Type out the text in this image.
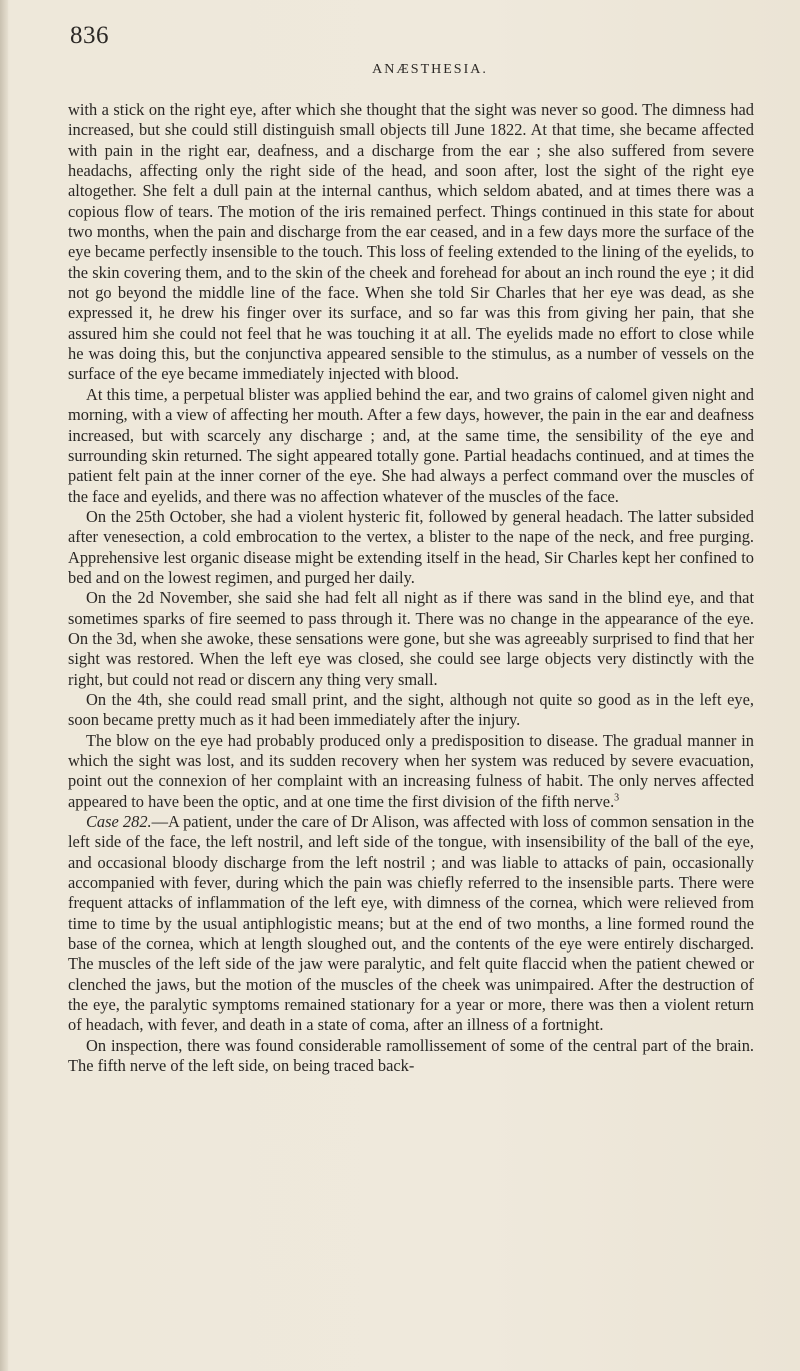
836
ANÆSTHESIA.

with a stick on the right eye, after which she thought that the sight was never so good. The dimness had increased, but she could still distinguish small objects till June 1822. At that time, she became affected with pain in the right ear, deafness, and a discharge from the ear ; she also suffered from severe headachs, affecting only the right side of the head, and soon after, lost the sight of the right eye altogether. She felt a dull pain at the internal canthus, which seldom abated, and at times there was a copious flow of tears. The motion of the iris remained perfect. Things continued in this state for about two months, when the pain and discharge from the ear ceased, and in a few days more the surface of the eye became perfectly insensible to the touch. This loss of feeling extended to the lining of the eyelids, to the skin covering them, and to the skin of the cheek and forehead for about an inch round the eye ; it did not go beyond the middle line of the face. When she told Sir Charles that her eye was dead, as she expressed it, he drew his finger over its surface, and so far was this from giving her pain, that she assured him she could not feel that he was touching it at all. The eyelids made no effort to close while he was doing this, but the conjunctiva appeared sensible to the stimulus, as a number of vessels on the surface of the eye became immediately injected with blood.

At this time, a perpetual blister was applied behind the ear, and two grains of calomel given night and morning, with a view of affecting her mouth. After a few days, however, the pain in the ear and deafness increased, but with scarcely any discharge ; and, at the same time, the sensibility of the eye and surrounding skin returned. The sight appeared totally gone. Partial headachs continued, and at times the patient felt pain at the inner corner of the eye. She had always a perfect command over the muscles of the face and eyelids, and there was no affection whatever of the muscles of the face.

On the 25th October, she had a violent hysteric fit, followed by general headach. The latter subsided after venesection, a cold embrocation to the vertex, a blister to the nape of the neck, and free purging. Apprehensive lest organic disease might be extending itself in the head, Sir Charles kept her confined to bed and on the lowest regimen, and purged her daily.

On the 2d November, she said she had felt all night as if there was sand in the blind eye, and that sometimes sparks of fire seemed to pass through it. There was no change in the appearance of the eye. On the 3d, when she awoke, these sensations were gone, but she was agreeably surprised to find that her sight was restored. When the left eye was closed, she could see large objects very distinctly with the right, but could not read or discern any thing very small.

On the 4th, she could read small print, and the sight, although not quite so good as in the left eye, soon became pretty much as it had been immediately after the injury.

The blow on the eye had probably produced only a predisposition to disease. The gradual manner in which the sight was lost, and its sudden recovery when her system was reduced by severe evacuation, point out the connexion of her complaint with an increasing fulness of habit. The only nerves affected appeared to have been the optic, and at one time the first division of the fifth nerve.$^3$

Case 282.—A patient, under the care of Dr Alison, was affected with loss of common sensation in the left side of the face, the left nostril, and left side of the tongue, with insensibility of the ball of the eye, and occasional bloody discharge from the left nostril ; and was liable to attacks of pain, occasionally accompanied with fever, during which the pain was chiefly referred to the insensible parts. There were frequent attacks of inflammation of the left eye, with dimness of the cornea, which were relieved from time to time by the usual antiphlogistic means; but at the end of two months, a line formed round the base of the cornea, which at length sloughed out, and the contents of the eye were entirely discharged. The muscles of the left side of the jaw were paralytic, and felt quite flaccid when the patient chewed or clenched the jaws, but the motion of the muscles of the cheek was unimpaired. After the destruction of the eye, the paralytic symptoms remained stationary for a year or more, there was then a violent return of headach, with fever, and death in a state of coma, after an illness of a fortnight.

On inspection, there was found considerable ramollissement of some of the central part of the brain. The fifth nerve of the left side, on being traced back-
